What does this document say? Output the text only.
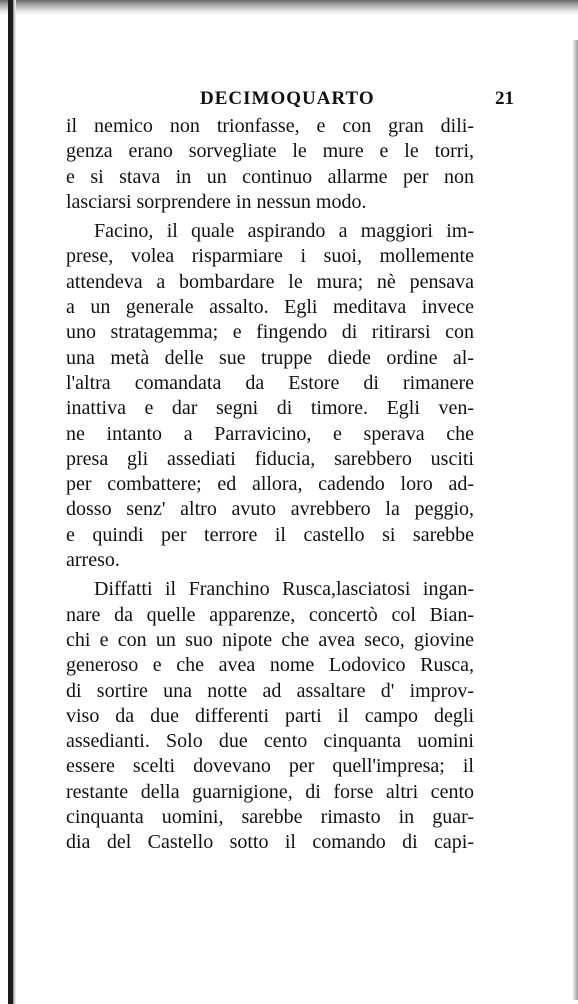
DECIMOQUARTO	21
il nemico non trionfasse, e con gran dili-
genza erano sorvegliate le mure e le torri,
e si stava in un continuo allarme per non
lasciarsi sorprendere in nessun modo.
Facino, il quale aspirando a maggiori im-
prese, volea risparmiare i suoi, mollemente
attendeva a bombardare le mura; nè pensava
a un generale assalto. Egli meditava invece
uno stratagemma; e fingendo di ritirarsi con
una metà delle sue truppe diede ordine al-
l'altra comandata da Estore di rimanere
inattiva e dar segni di timore. Egli ven-
ne intanto a Parravicino, e sperava che
presa gli assediati fiducia, sarebbero usciti
per combattere; ed allora, cadendo loro ad-
dosso senz' altro avuto avrebbero la peggio,
e quindi per terrore il castello si sarebbe
arreso.
Diffatti il Franchino Rusca,lasciatosi ingan-
nare da quelle apparenze, concertò col Bian-
chi e con un suo nipote che avea seco, giovine
generoso e che avea nome Lodovico Rusca,
di sortire una notte ad assaltare d' improv-
viso da due differenti parti il campo degli
assedianti. Solo due cento cinquanta uomini
essere scelti dovevano per quell'impresa; il
restante della guarnigione, di forse altri cento
cinquanta uomini, sarebbe rimasto in guar-
dia del Castello sotto il comando di capi-
